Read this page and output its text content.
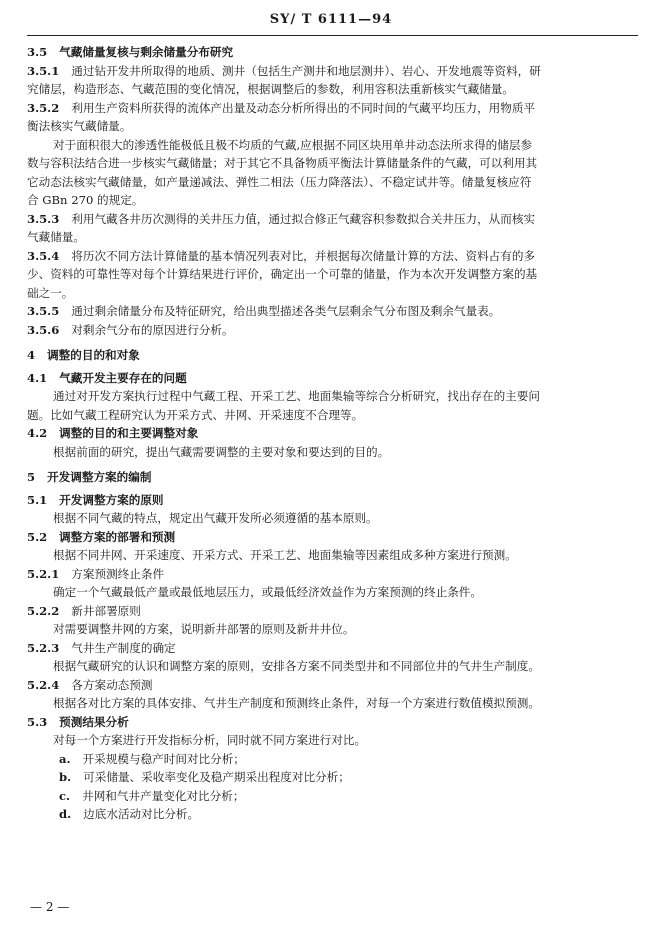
SY/ T 6111—94
3.5 气藏储量复核与剩余储量分布研究
3.5.1 通过钻开发井所取得的地质、测井（包括生产测井和地层测井）、岩心、开发地震等资料，研
究储层，构造形态、气藏范围的变化情况，根据调整后的参数，利用容积法重新核实气藏储量。
3.5.2 利用生产资料所获得的流体产出量及动态分析所得出的不同时间的气藏平均压力，用物质平
衡法核实气藏储量。
对于面积很大的渗透性能极低且极不均质的气藏,应根据不同区块用单井动态法所求得的储层参
数与容积法结合进一步核实气藏储量；对于其它不具备物质平衡法计算储量条件的气藏，可以利用其
它动态法核实气藏储量，如产量递减法、弹性二相法（压力降落法）、不稳定试井等。储量复核应符
合 GBn 270 的规定。
3.5.3 利用气藏各井历次测得的关井压力值，通过拟合修正气藏容积参数拟合关井压力，从而核实
气藏储量。
3.5.4 将历次不同方法计算储量的基本情况列表对比，并根据每次储量计算的方法、资料占有的多
少、资料的可靠性等对每个计算结果进行评价，确定出一个可靠的储量，作为本次开发调整方案的基
础之一。
3.5.5 通过剩余储量分布及特征研究，给出典型描述各类气层剩余气分布图及剩余气量表。
3.5.6 对剩余气分布的原因进行分析。
4 调整的目的和对象
4.1 气藏开发主要存在的问题
通过对开发方案执行过程中气藏工程、开采工艺、地面集输等综合分析研究，找出存在的主要问
题。比如气藏工程研究认为开采方式、井网、开采速度不合理等。
4.2 调整的目的和主要调整对象
根据前面的研究，提出气藏需要调整的主要对象和要达到的目的。
5 开发调整方案的编制
5.1 开发调整方案的原则
根据不同气藏的特点，规定出气藏开发所必须遵循的基本原则。
5.2 调整方案的部署和预测
根据不同井网、开采速度、开采方式、开采工艺、地面集输等因素组成多种方案进行预测。
5.2.1 方案预测终止条件
确定一个气藏最低产量或最低地层压力，或最低经济效益作为方案预测的终止条件。
5.2.2 新井部署原则
对需要调整井网的方案，说明新井部署的原则及新井井位。
5.2.3 气井生产制度的确定
根据气藏研究的认识和调整方案的原则，安排各方案不同类型井和不同部位井的气井生产制度。
5.2.4 各方案动态预测
根据各对比方案的具体安排、气井生产制度和预测终止条件，对每一个方案进行数值模拟预测。
5.3 预测结果分析
对每一个方案进行开发指标分析，同时就不同方案进行对比。
a. 开采规模与稳产时间对比分析；
b. 可采储量、采收率变化及稳产期采出程度对比分析；
c. 井网和气井产量变化对比分析；
d. 边底水活动对比分析。
— 2 —
